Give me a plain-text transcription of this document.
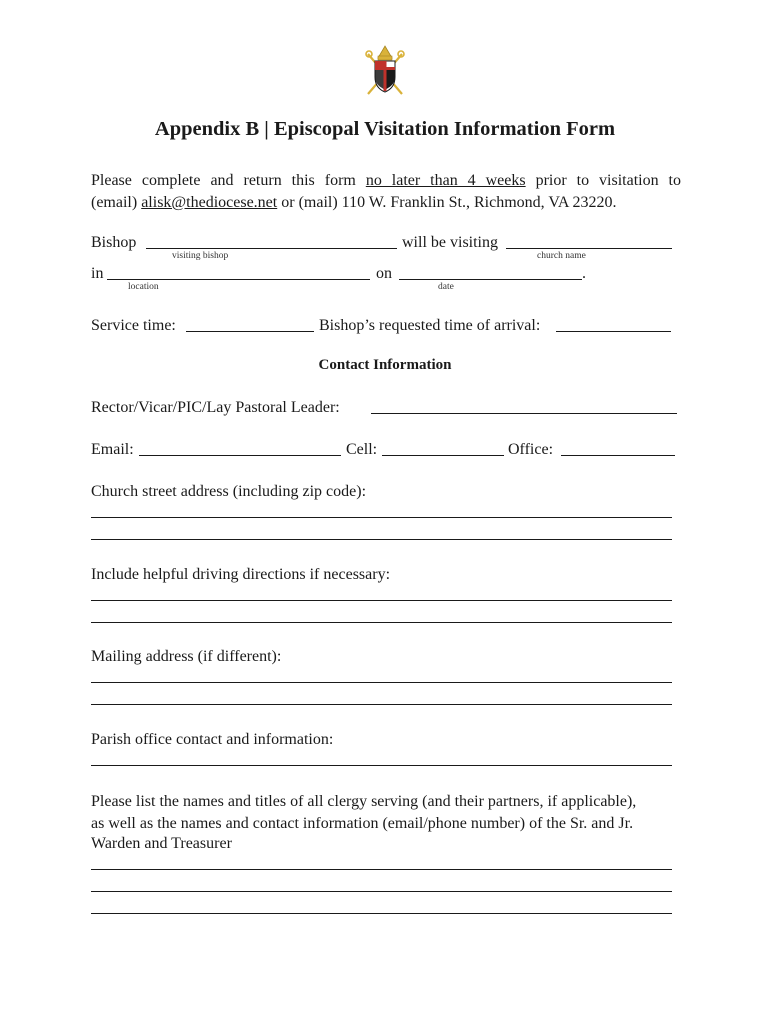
Appendix B | Episcopal Visitation Information Form
Please complete and return this form no later than 4 weeks prior to visitation to
(email) alisk@thediocese.net or (mail) 110 W. Franklin St., Richmond, VA 23220.
Bishop	will be visiting
visiting bishop	church name
in	on	.
location	date
Service time:	Bishop’s requested time of arrival:
Contact Information
Rector/Vicar/PIC/Lay Pastoral Leader:
Email:	Cell:	Office:
Church street address (including zip code):
Include helpful driving directions if necessary:
Mailing address (if different):
Parish office contact and information:
Please list the names and titles of all clergy serving (and their partners, if applicable),
as well as the names and contact information (email/phone number) of the Sr. and Jr.
Warden and Treasurer
